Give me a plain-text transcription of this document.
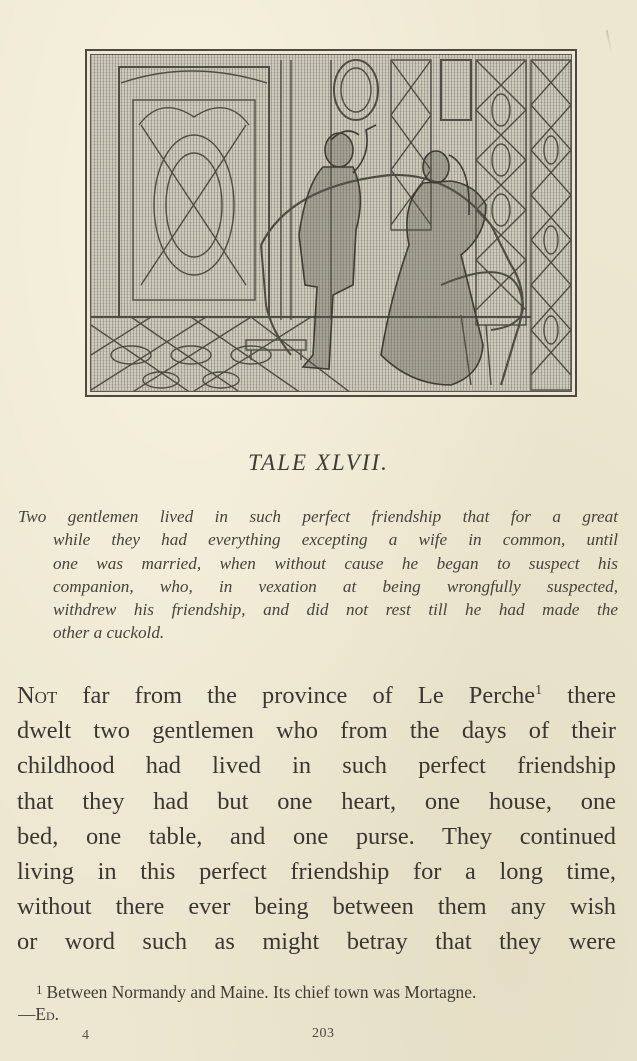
TALE XLVII.
Two gentlemen lived in such perfect friendship that for a great
while they had everything excepting a wife in common, until
one was married, when without cause he began to suspect his
companion, who, in vexation at being wrongfully suspected,
withdrew his friendship, and did not rest till he had made the
other a cuckold.
Not far from the province of Le Perche$^1$ there
dwelt two gentlemen who from the days of their
childhood had lived in such perfect friendship
that they had but one heart, one house, one
bed, one table, and one purse. They continued
living in this perfect friendship for a long time,
without there ever being between them any wish
or word such as might betray that they were
$^1$ Between Normandy and Maine. Its chief town was Mortagne.
—Ed.
4	203
